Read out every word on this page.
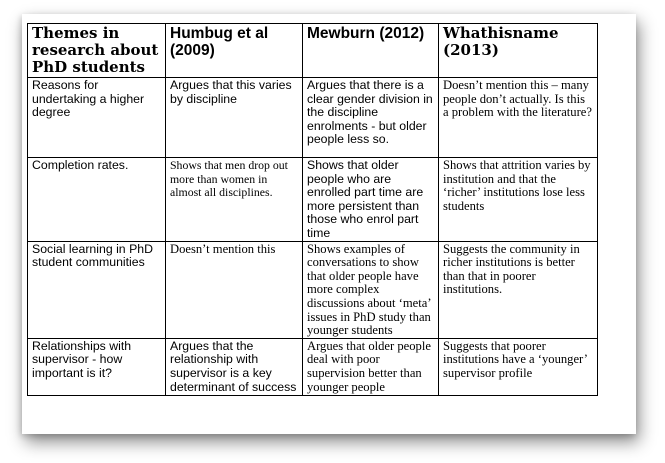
Themes in research about PhD students	Humbug et al (2009)	Mewburn (2012)	Whathisname (2013)
Reasons for undertaking a higher degree	Argues that this varies by discipline	Argues that there is a clear gender division in the discipline enrolments - but older people less so.	Doesn’t mention this – many people don’t actually. Is this a problem with the literature?
Completion rates.	Shows that men drop out more than women in almost all disciplines.	Shows that older people who are enrolled part time are more persistent than those who enrol part time	Shows that attrition varies by institution and that the ‘richer’ institutions lose less students
Social learning in PhD student communities	Doesn’t mention this	Shows examples of conversations to show that older people have more complex discussions about ‘meta’ issues in PhD study than younger students	Suggests the community in richer institutions is better than that in poorer institutions.
Relationships with supervisor - how important is it?	Argues that the relationship with supervisor is a key determinant of success	Argues that older people deal with poor supervision better than younger people	Suggests that poorer institutions have a ‘younger’ supervisor profile
